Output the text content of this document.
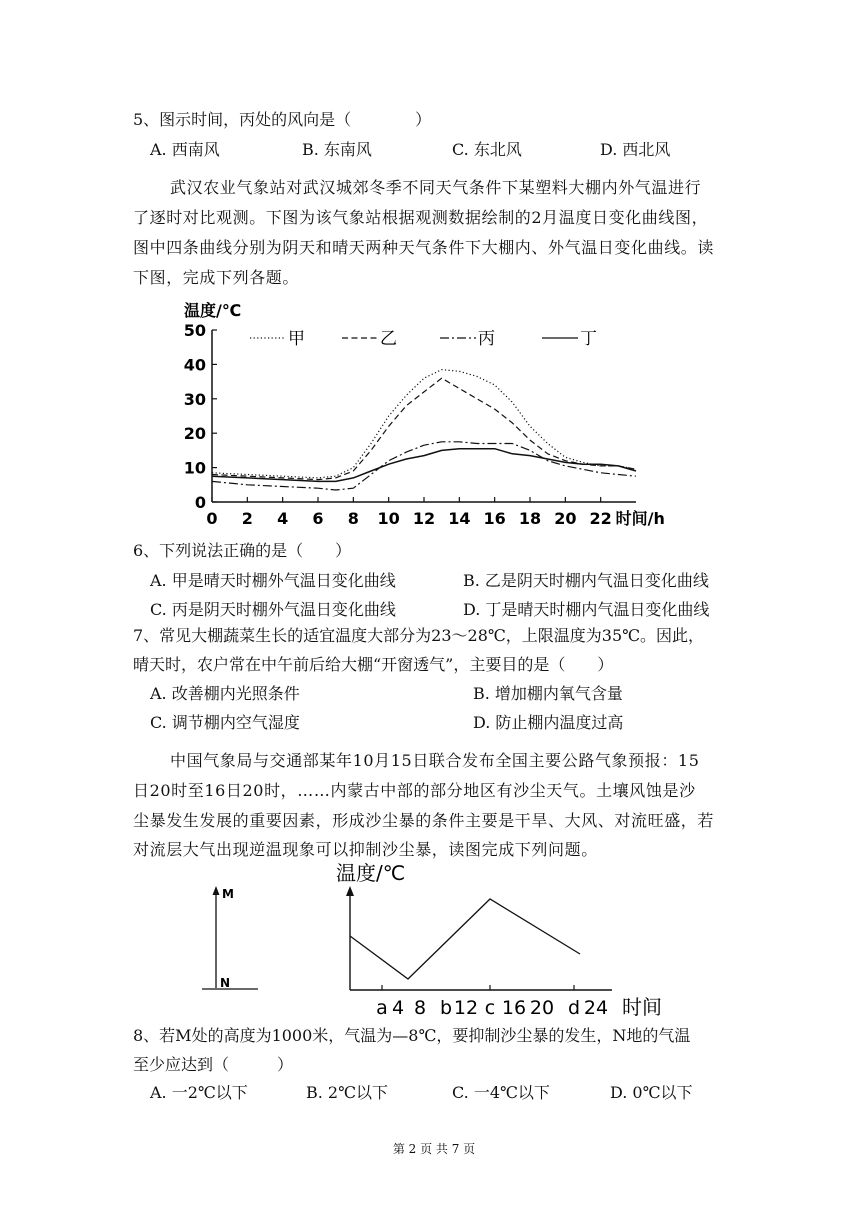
5、图示时间，丙处的风向是（　　　　）
A. 西南风	B. 东南风	C. 东北风	D. 西北风
武汉农业气象站对武汉城郊冬季不同天气条件下某塑料大棚内外气温进行
了逐时对比观测。下图为该气象站根据观测数据绘制的2月温度日变化曲线图，
图中四条曲线分别为阴天和晴天两种天气条件下大棚内、外气温日变化曲线。读
下图，完成下列各题。
温度/℃
0
10
20
30
40
50
0 2 4 6 8 10 12 14 16 18 20 22 时间/h
甲	乙	丙	丁
6、下列说法正确的是（　　）
A. 甲是晴天时棚外气温日变化曲线	B. 乙是阴天时棚内气温日变化曲线
C. 丙是阴天时棚外气温日变化曲线	D. 丁是晴天时棚内气温日变化曲线
7、常见大棚蔬菜生长的适宜温度大部分为23～28℃，上限温度为35℃。因此，
晴天时，农户常在中午前后给大棚“开窗透气”，主要目的是（　　）
A. 改善棚内光照条件	B. 增加棚内氧气含量
C. 调节棚内空气湿度	D. 防止棚内温度过高
中国气象局与交通部某年10月15日联合发布全国主要公路气象预报：15
日20时至16日20时，……内蒙古中部的部分地区有沙尘天气。土壤风蚀是沙
尘暴发生发展的重要因素，形成沙尘暴的条件主要是干旱、大风、对流旺盛，若
对流层大气出现逆温现象可以抑制沙尘暴，读图完成下列问题。
M
N
温度/℃
a 4 8 b 12 c 16 20 d 24 时间
8、若M处的高度为1000米，气温为—8℃，要抑制沙尘暴的发生，N地的气温
至少应达到（　　　）
A. 一2℃以下	B. 2℃以下	C. 一4℃以下	D. 0℃以下
第 2 页 共 7 页
